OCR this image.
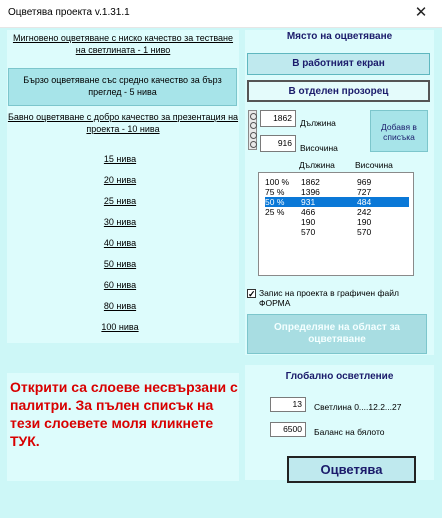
Оцветява проекта v.1.31.1	✕
Мигновено оцветяване с ниско качество за тестване на светлината - 1 ниво
Бързо оцветяване със средно качество за бърз преглед - 5 нива
Бавно оцветяване с добро качество за презентация на проекта - 10 нива
15 нива
20 нива
25 нива
30 нива
40 нива
50 нива
60 нива
80 нива
100 нива
Място на оцветяване
В работният екран
В отделен прозорец
1862 Дължина
916 Височина
Добавя в списъка
Дължина Височина
100 % 1862	969
75 % 1396	727
50 % 931	484
25 % 466	242
190	190
570	570
✓ Запис на проекта в графичен файл ФОРМА
Определяне на област за оцветяване
Открити са слоеве несвързани с палитри. За пълен списък на тези слоевете моля кликнете ТУК.
Глобално осветление
13	Светлина 0....12.2...27
6500	Баланс на бялото
Оцветява
